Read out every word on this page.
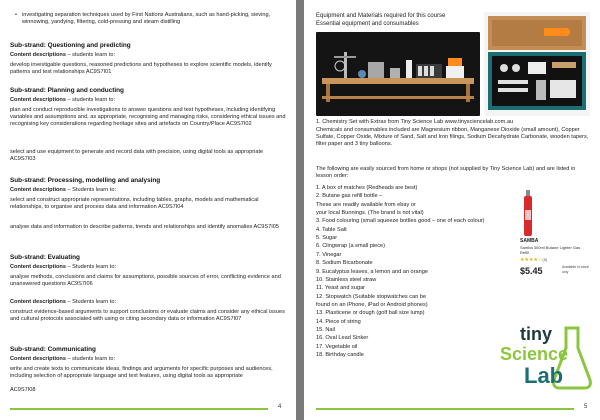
• investigating separation techniques used by First Nations Australians, such as hand-picking, sieving, winnowing, yandying, filtering, cold-pressing and steam distilling
Sub-strand: Questioning and predicting
Content descriptions – students learn to:
develop investigable questions, reasoned predictions and hypotheses to explore scientific models, identify patterns and test relationships AC9S7I01
Sub-strand: Planning and conducting
Content descriptions – students learn to:
plan and conduct reproducible investigations to answer questions and test hypotheses, including identifying variables and assumptions and, as appropriate, recognising and managing risks, considering ethical issues and recognising key considerations regarding heritage sites and artefacts on Country/Place AC9S7I02
select and use equipment to generate and record data with precision, using digital tools as appropriate AC9S7I03
Sub-strand: Processing, modelling and analysing
Content descriptions – Students learn to:
select and construct appropriate representations, including tables, graphs, models and mathematical relationships, to organise and process data and information AC9S7I04
analyse data and information to describe patterns, trends and relationships and identify anomalies AC9S7I05
Sub-strand: Evaluating
Content descriptions – Students learn to:
analyse methods, conclusions and claims for assumptions, possible sources of error, conflicting evidence and unanswered questions AC9S7I06
Content descriptions – Students learn to:
construct evidence-based arguments to support conclusions or evaluate claims and consider any ethical issues and cultural protocols associated with using or citing secondary data or information AC9S7I07
Sub-strand: Communicating
Content descriptions – students learn to:
write and create texts to communicate ideas, findings and arguments for specific purposes and audiences, including selection of appropriate language and text features, using digital tools as appropriate
AC9S7I08
4
Equipment and Materials required for this course
Essential equipment and consumables
1. Chemistry Set with Extras from Tiny Science Lab www.tinysciencelab.com.au
Chemicals and consumables included are Magnesium ribbon, Manganese Dioxide (small amount), Copper Sulfate, Copper Oxide, Mixture of Sand, Salt and Iron filings, Sodium Decahydrate Carbonate, wooden tapers, filter paper and 3 tiny balloons.
The following are easily sourced from home or shops (not supplied by Tiny Science Lab) and are listed in lesson order:
1. A box of matches (Redheads are best)
2. Butane gas refill bottle –
These are readily available from ebay or
your local Bunnings. (The brand is not vital)
3. Food colouring (small squeeze bottles good – one of each colour)
4. Table Salt
5. Sugar
6. Clingwrap (a small piece)
7. Vinegar
8. Sodium Bicarbonate
9. Eucalyptus leaves, a lemon and an orange
10. Stainless steel straw
11. Yeast and sugar
12. Stopwatch (Suitable stopwatches can be
found on an iPhone, iPad or Android phones)
13. Plasticene or dough (golf ball size lump)
14. Piece of string
15. Nail
16. Oval Lead Sinker
17. Vegetable oil
18. Birthday candle
SAMBA
Samba 300ml Butane Lighter Gas Refill
★★★★☆(5)
$5.45	Available in-store only
tiny
Science
Lab
5
